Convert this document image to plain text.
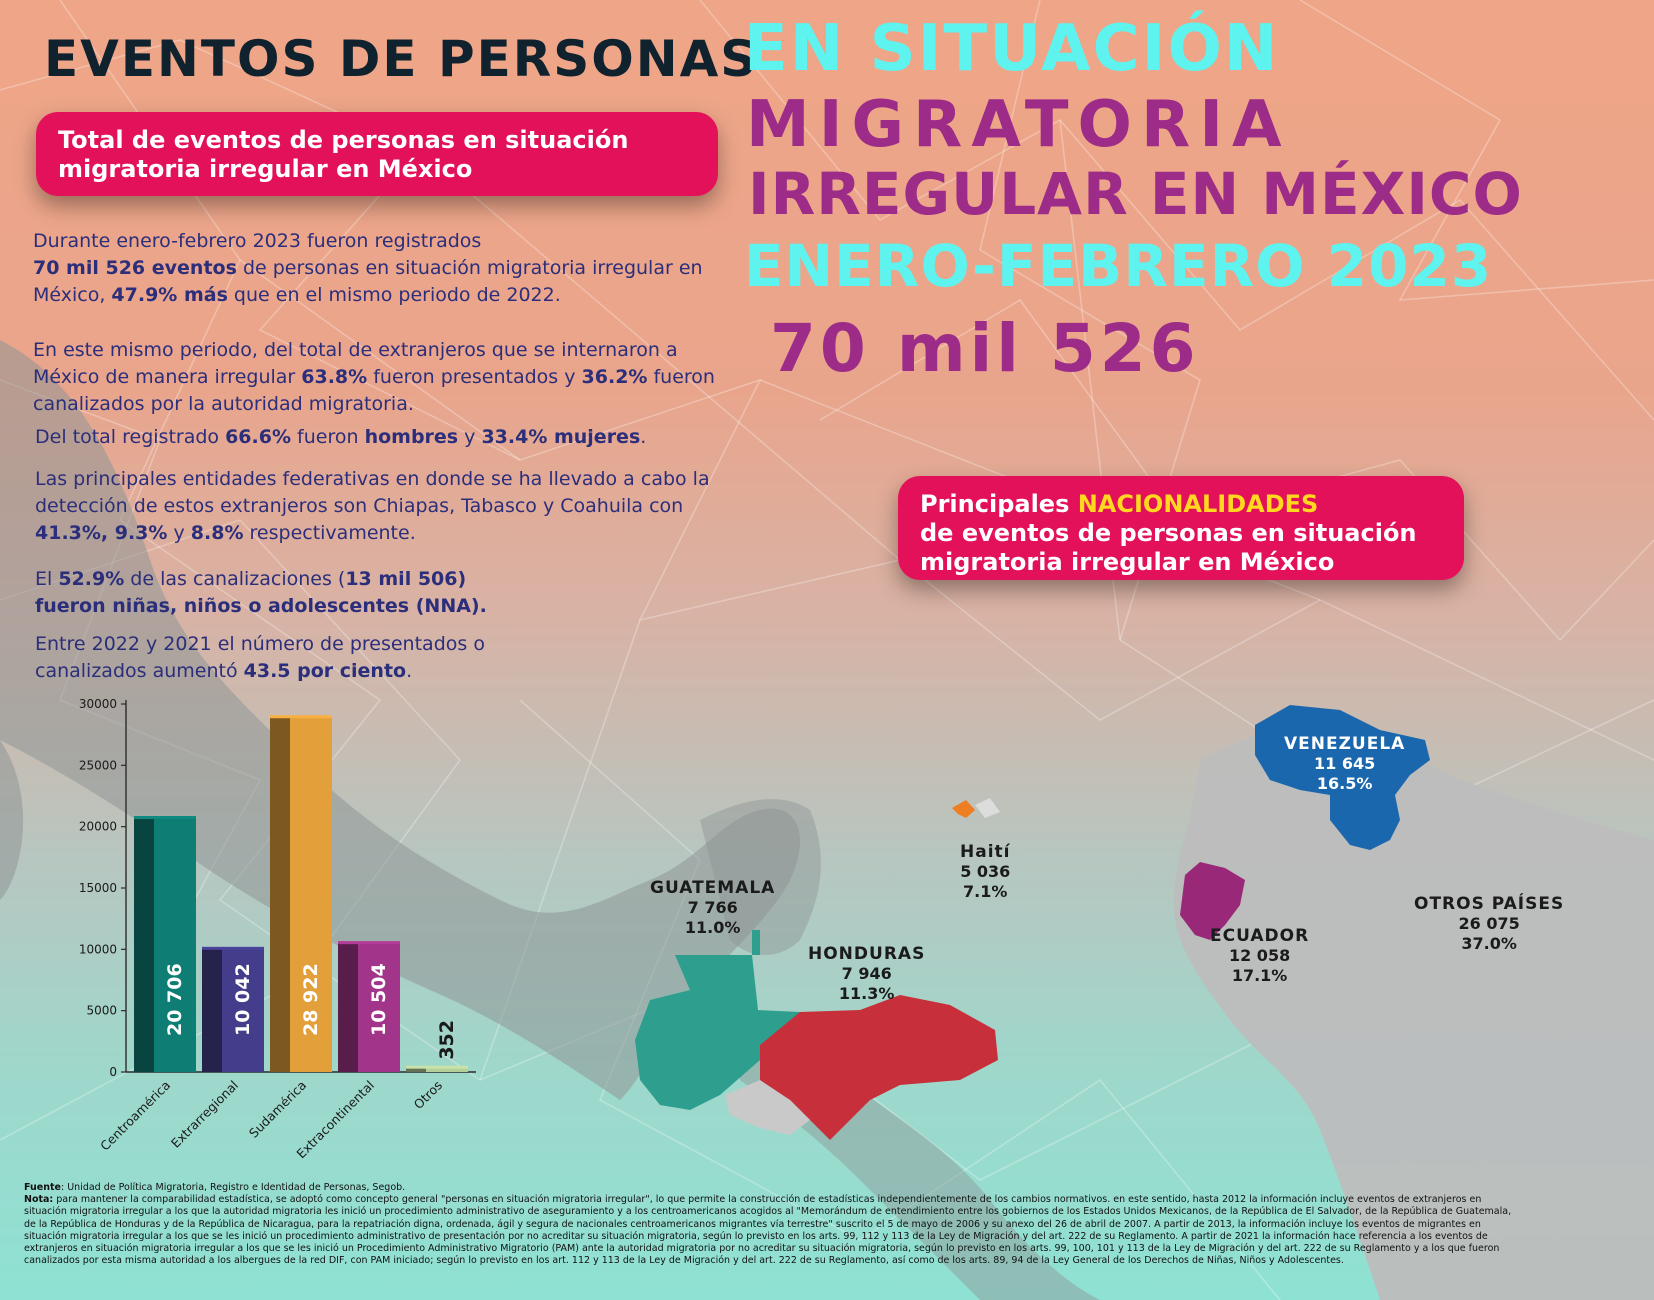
EVENTOS DE PERSONAS
EN SITUACIÓN
MIGRATORIA
IRREGULAR EN MÉXICO
ENERO-FEBRERO 2023
70 mil 526
Total de eventos de personas en situación migratoria irregular en México
Principales NACIONALIDADES
de eventos de personas en situación migratoria irregular en México
Durante enero-febrero 2023 fueron registrados
70 mil 526 eventos de personas en situación migratoria irregular en México, 47.9% más que en el mismo periodo de 2022.
En este mismo periodo, del total de extranjeros que se internaron a México de manera irregular 63.8% fueron presentados y 36.2% fueron canalizados por la autoridad migratoria.
Del total registrado 66.6% fueron hombres y 33.4% mujeres.
Las principales entidades federativas en donde se ha llevado a cabo la detección de estos extranjeros son Chiapas, Tabasco y Coahuila con 41.3%, 9.3% y 8.8% respectivamente.
El 52.9% de las canalizaciones (13 mil 506)
fueron niñas, niños o adolescentes (NNA).
Entre 2022 y 2021 el número de presentados o canalizados aumentó 43.5 por ciento.
0
5000
10000
15000
20000
25000
30000
20 706
Centroamérica
10 042
Extrarregional
28 922
Sudamérica
10 504
Extracontinental
352
Otros
GUATEMALA
7 766
11.0%
HONDURAS
7 946
11.3%
Haití
5 036
7.1%
VENEZUELA
11 645
16.5%
ECUADOR
12 058
17.1%
OTROS PAÍSES
26 075
37.0%
Fuente: Unidad de Política Migratoria, Registro e Identidad de Personas, Segob.
Nota: para mantener la comparabilidad estadística, se adoptó como concepto general "personas en situación migratoria irregular", lo que permite la construcción de estadísticas independientemente de los cambios normativos. en este sentido, hasta 2012 la información incluye eventos de extranjeros en situación migratoria irregular a los que la autoridad migratoria les inició un procedimiento administrativo de aseguramiento y a los centroamericanos acogidos al "Memorándum de entendimiento entre los gobiernos de los Estados Unidos Mexicanos, de la República de El Salvador, de la República de Guatemala, de la República de Honduras y de la República de Nicaragua, para la repatriación digna, ordenada, ágil y segura de nacionales centroamericanos migrantes vía terrestre" suscrito el 5 de mayo de 2006 y su anexo del 26 de abril de 2007. A partir de 2013, la información incluye los eventos de migrantes en situación migratoria irregular a los que se les inició un procedimiento administrativo de presentación por no acreditar su situación migratoria, según lo previsto en los arts. 99, 112 y 113 de la Ley de Migración y del art. 222 de su Reglamento. A partir de 2021 la información hace referencia a los eventos de extranjeros en situación migratoria irregular a los que se les inició un Procedimiento Administrativo Migratorio (PAM) ante la autoridad migratoria por no acreditar su situación migratoria, según lo previsto en los arts. 99, 100, 101 y 113 de la Ley de Migración y del art. 222 de su Reglamento y a los que fueron canalizados por esta misma autoridad a los albergues de la red DIF, con PAM iniciado; según lo previsto en los art. 112 y 113 de la Ley de Migración y del art. 222 de su Reglamento, así como de los arts. 89, 94 de la Ley General de los Derechos de Niñas, Niños y Adolescentes.
